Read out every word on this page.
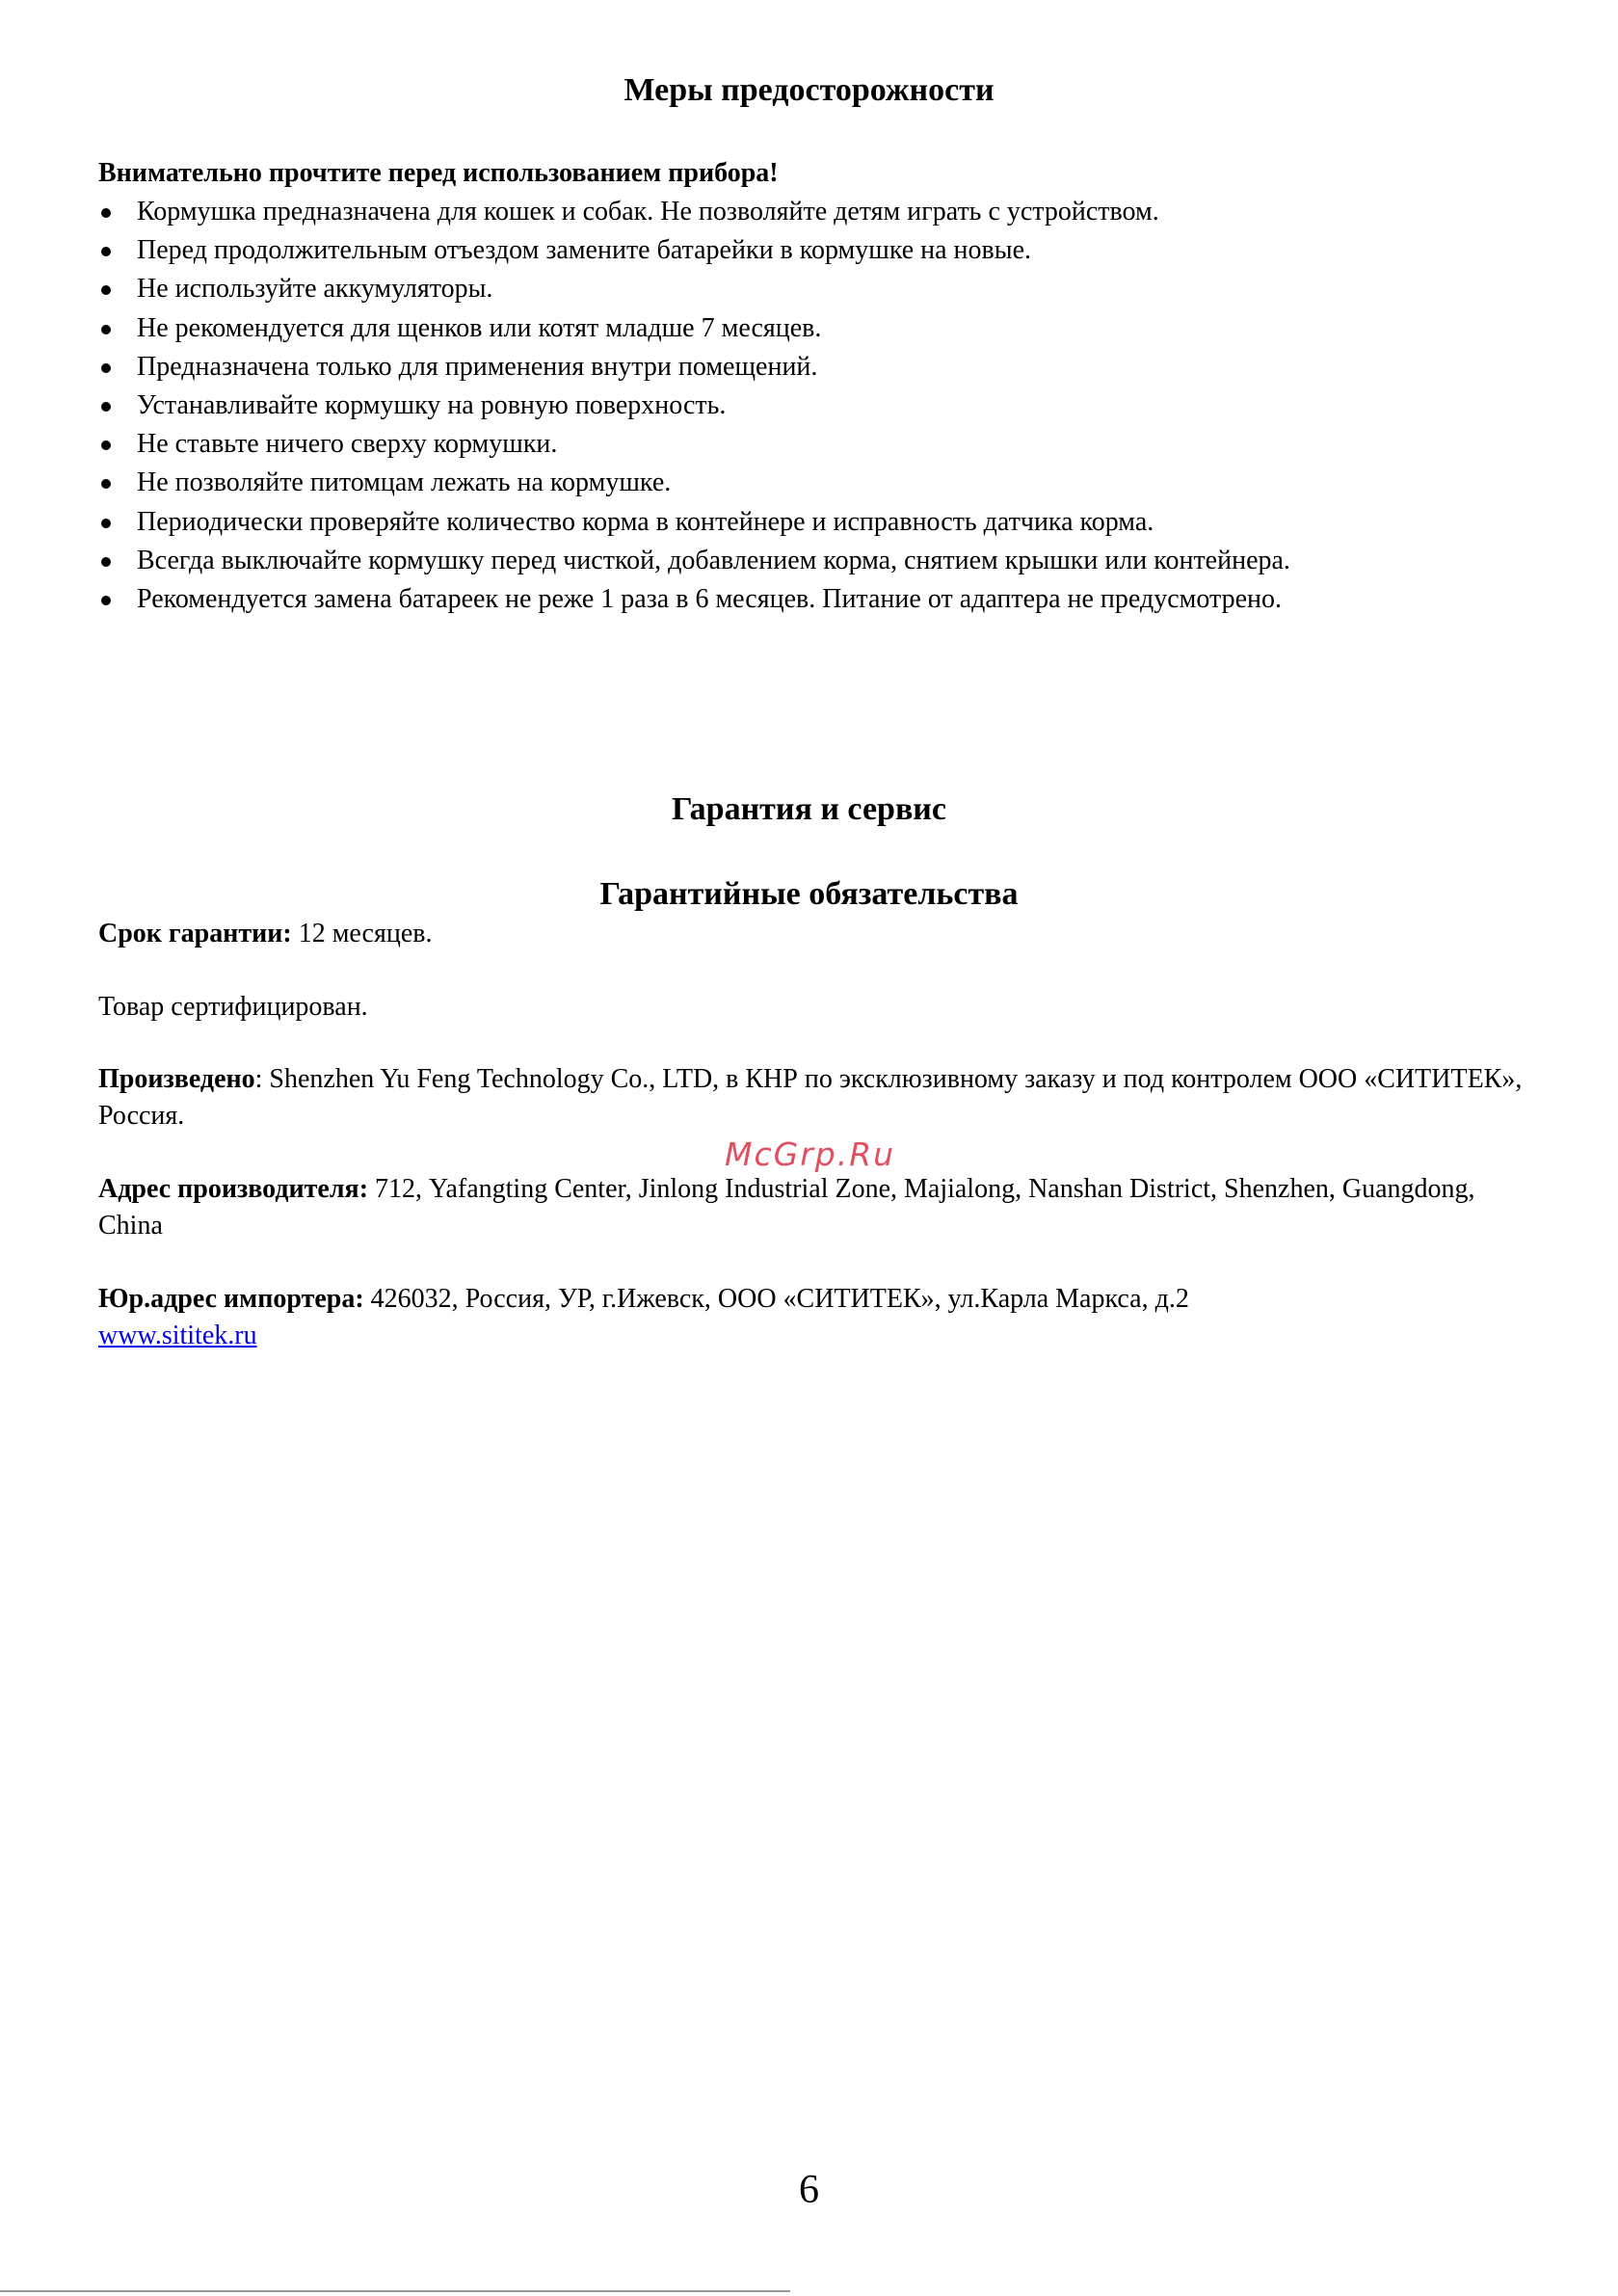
Меры предосторожности

Внимательно прочтите перед использованием прибора!

Кормушка предназначена для кошек и собак. Не позволяйте детям играть с устройством.
Перед продолжительным отъездом замените батарейки в кормушке на новые.
Не используйте аккумуляторы.
Не рекомендуется для щенков или котят младше 7 месяцев.
Предназначена только для применения внутри помещений.
Устанавливайте кормушку на ровную поверхность.
Не ставьте ничего сверху кормушки.
Не позволяйте питомцам лежать на кормушке.
Периодически проверяйте количество корма в контейнере и исправность датчика корма.
Всегда выключайте кормушку перед чисткой, добавлением корма, снятием крышки или контейнера.
Рекомендуется замена батареек не реже 1 раза в 6 месяцев. Питание от адаптера не предусмотрено.
Гарантия и сервис
Гарантийные обязательства

Срок гарантии: 12 месяцев.

Товар сертифицирован.

Произведено: Shenzhen Yu Feng Technology Co., LTD, в КНР по эксклюзивному заказу и под контролем ООО «СИТИТЕК», Россия.

McGrp.Ru

Адрес производителя: 712, Yafangting Center, Jinlong Industrial Zone, Majialong, Nanshan District, Shenzhen, Guangdong, China

Юр.адрес импортера: 426032, Россия, УР, г.Ижевск, ООО «СИТИТЕК», ул.Карла Маркса, д.2
www.sititek.ru

6
